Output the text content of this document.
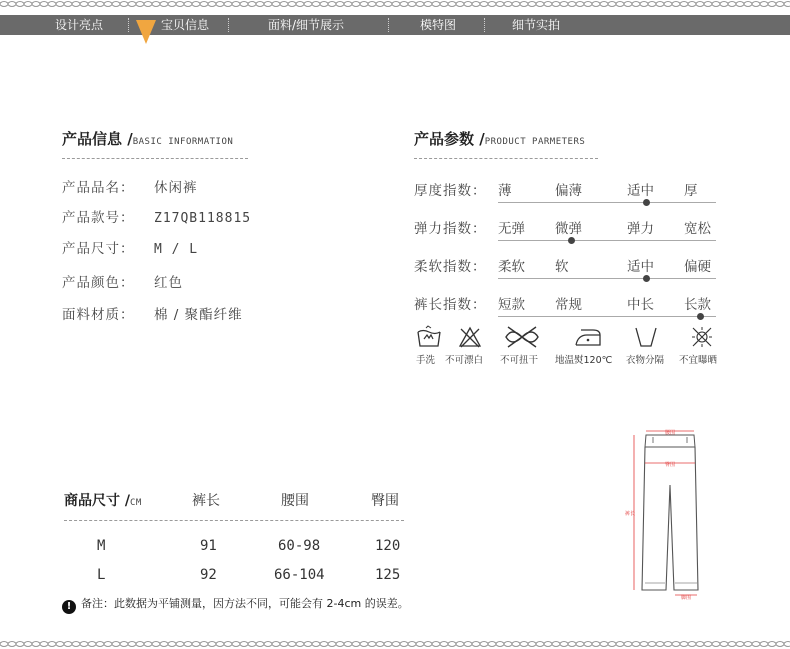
设计亮点	宝贝信息	面料/细节展示	模特图	细节实拍
产品信息 /BASIC INFORMATION
产品品名： 休闲裤
产品款号： Z17QB118815
产品尺寸： M / L
产品颜色： 红色
面料材质： 棉 / 聚酯纤维
产品参数 /PRODUCT PARMETERS
厚度指数： 薄	偏薄	适中 厚
弹力指数： 无弹 微弹	弹力 宽松
柔软指数： 柔软 软	适中 偏硬
裤长指数： 短款 常规	中长 长款
手洗 不可漂白 不可扭干 地温熨120℃ 衣物分隔 不宜曝晒
商品尺寸 /CM	裤长	腰围	臀围
M	91	60-98	120
L	92	66-104	125
! 备注：此数据为平铺测量，因方法不同，可能会有 2-4cm 的误差。
腰围
臀围
裤长
脚围
